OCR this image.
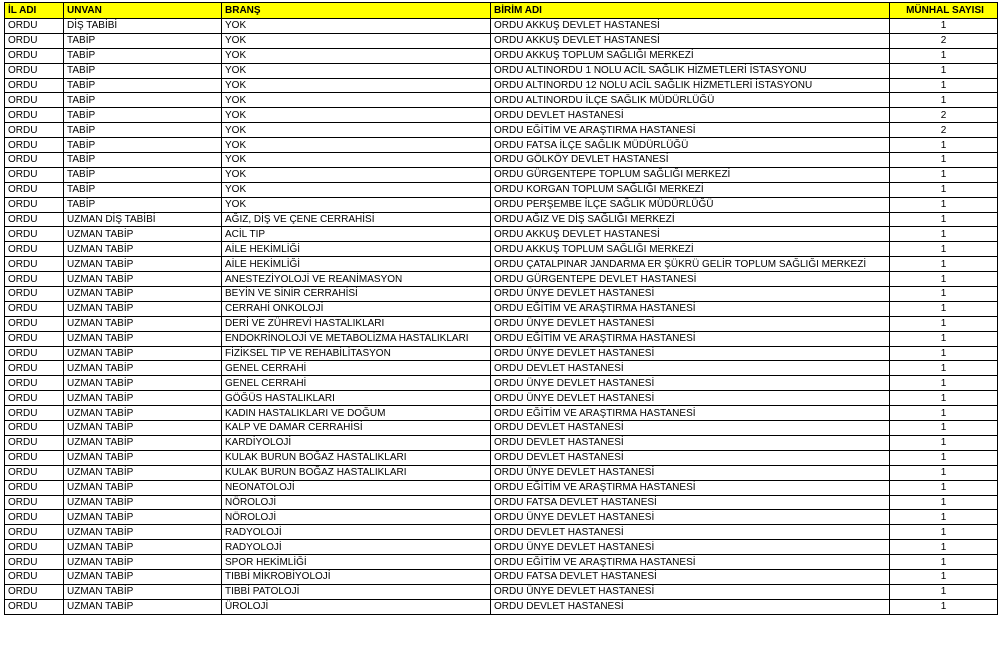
İL ADI	UNVAN	BRANŞ	BİRİM ADI	MÜNHAL SAYISI
ORDU	DİŞ TABİBİ	YOK	ORDU AKKUŞ DEVLET HASTANESİ	1
ORDU	TABİP	YOK	ORDU AKKUŞ DEVLET HASTANESİ	2
ORDU	TABİP	YOK	ORDU AKKUŞ TOPLUM SAĞLIĞI MERKEZİ	1
ORDU	TABİP	YOK	ORDU ALTINORDU 1 NOLU ACİL SAĞLIK HİZMETLERİ İSTASYONU	1
ORDU	TABİP	YOK	ORDU ALTINORDU 12 NOLU ACİL SAĞLIK HİZMETLERİ İSTASYONU	1
ORDU	TABİP	YOK	ORDU ALTINORDU İLÇE SAĞLIK MÜDÜRLÜĞÜ	1
ORDU	TABİP	YOK	ORDU DEVLET HASTANESİ	2
ORDU	TABİP	YOK	ORDU EĞİTİM VE ARAŞTIRMA HASTANESİ	2
ORDU	TABİP	YOK	ORDU FATSA İLÇE SAĞLIK MÜDÜRLÜĞÜ	1
ORDU	TABİP	YOK	ORDU GÖLKÖY DEVLET HASTANESİ	1
ORDU	TABİP	YOK	ORDU GÜRGENTEPE TOPLUM SAĞLIĞI MERKEZİ	1
ORDU	TABİP	YOK	ORDU KORGAN TOPLUM SAĞLIĞI MERKEZİ	1
ORDU	TABİP	YOK	ORDU PERŞEMBE İLÇE SAĞLIK MÜDÜRLÜĞÜ	1
ORDU	UZMAN DİŞ TABİBİ	AĞIZ, DİŞ VE ÇENE CERRAHİSİ	ORDU AĞIZ VE DİŞ SAĞLIĞI MERKEZİ	1
ORDU	UZMAN TABİP	ACİL TIP	ORDU AKKUŞ DEVLET HASTANESİ	1
ORDU	UZMAN TABİP	AİLE HEKİMLİĞİ	ORDU AKKUŞ TOPLUM SAĞLIĞI MERKEZİ	1
ORDU	UZMAN TABİP	AİLE HEKİMLİĞİ	ORDU ÇATALPINAR JANDARMA ER ŞÜKRÜ GELİR TOPLUM SAĞLIĞI MERKEZİ	1
ORDU	UZMAN TABİP	ANESTEZİYOLOJİ VE REANİMASYON	ORDU GÜRGENTEPE DEVLET HASTANESİ	1
ORDU	UZMAN TABİP	BEYİN VE SİNİR CERRAHİSİ	ORDU ÜNYE DEVLET HASTANESİ	1
ORDU	UZMAN TABİP	CERRAHİ ONKOLOJİ	ORDU EĞİTİM VE ARAŞTIRMA HASTANESİ	1
ORDU	UZMAN TABİP	DERİ VE ZÜHREVİ HASTALIKLARI	ORDU ÜNYE DEVLET HASTANESİ	1
ORDU	UZMAN TABİP	ENDOKRİNOLOJİ VE METABOLİZMA HASTALIKLARI	ORDU EĞİTİM VE ARAŞTIRMA HASTANESİ	1
ORDU	UZMAN TABİP	FİZİKSEL TIP VE REHABİLİTASYON	ORDU ÜNYE DEVLET HASTANESİ	1
ORDU	UZMAN TABİP	GENEL CERRAHİ	ORDU DEVLET HASTANESİ	1
ORDU	UZMAN TABİP	GENEL CERRAHİ	ORDU ÜNYE DEVLET HASTANESİ	1
ORDU	UZMAN TABİP	GÖĞÜS HASTALIKLARI	ORDU ÜNYE DEVLET HASTANESİ	1
ORDU	UZMAN TABİP	KADIN HASTALIKLARI VE DOĞUM	ORDU EĞİTİM VE ARAŞTIRMA HASTANESİ	1
ORDU	UZMAN TABİP	KALP VE DAMAR CERRAHİSİ	ORDU DEVLET HASTANESİ	1
ORDU	UZMAN TABİP	KARDİYOLOJİ	ORDU DEVLET HASTANESİ	1
ORDU	UZMAN TABİP	KULAK BURUN BOĞAZ HASTALIKLARI	ORDU DEVLET HASTANESİ	1
ORDU	UZMAN TABİP	KULAK BURUN BOĞAZ HASTALIKLARI	ORDU ÜNYE DEVLET HASTANESİ	1
ORDU	UZMAN TABİP	NEONATOLOJİ	ORDU EĞİTİM VE ARAŞTIRMA HASTANESİ	1
ORDU	UZMAN TABİP	NÖROLOJİ	ORDU FATSA DEVLET HASTANESİ	1
ORDU	UZMAN TABİP	NÖROLOJİ	ORDU ÜNYE DEVLET HASTANESİ	1
ORDU	UZMAN TABİP	RADYOLOJİ	ORDU DEVLET HASTANESİ	1
ORDU	UZMAN TABİP	RADYOLOJİ	ORDU ÜNYE DEVLET HASTANESİ	1
ORDU	UZMAN TABİP	SPOR HEKİMLİĞİ	ORDU EĞİTİM VE ARAŞTIRMA HASTANESİ	1
ORDU	UZMAN TABİP	TIBBİ MİKROBİYOLOJİ	ORDU FATSA DEVLET HASTANESİ	1
ORDU	UZMAN TABİP	TIBBİ PATOLOJİ	ORDU ÜNYE DEVLET HASTANESİ	1
ORDU	UZMAN TABİP	ÜROLOJİ	ORDU DEVLET HASTANESİ	1
